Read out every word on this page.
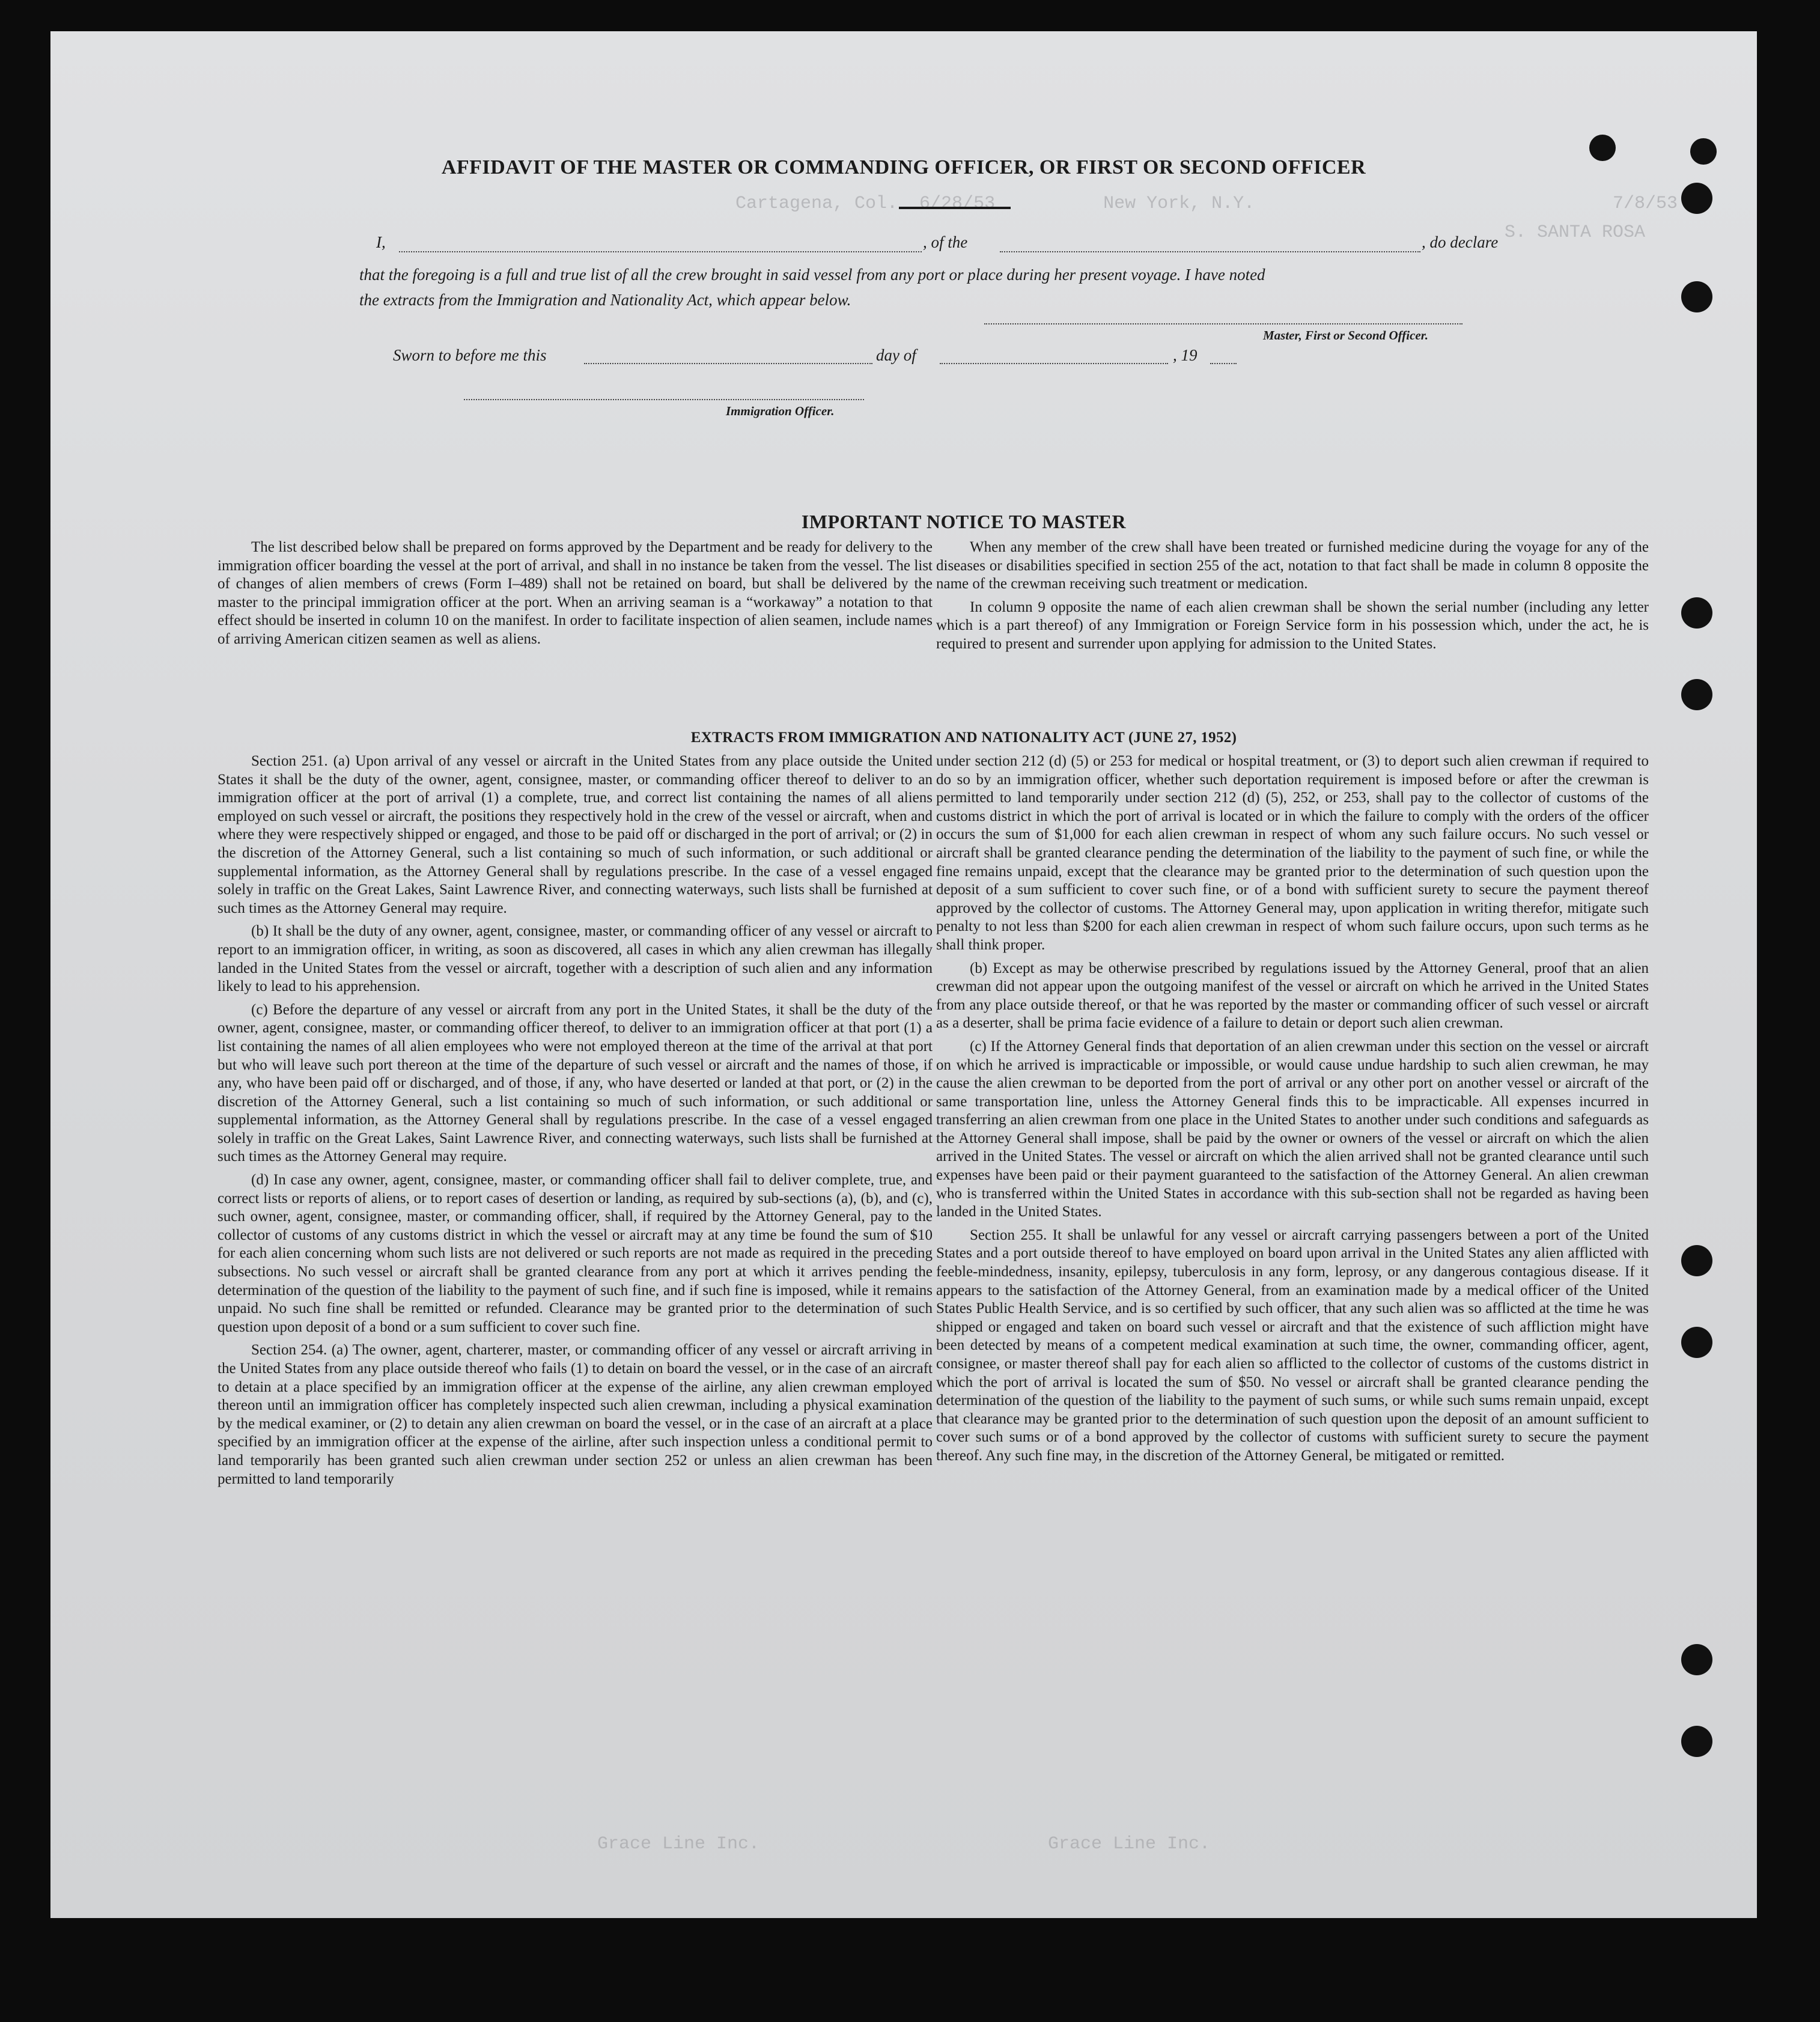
Cartagena, Col.  6/28/53          New York, N.Y.	7/8/53
S. SANTA ROSA
Grace Line Inc.	Grace Line Inc.
AFFIDAVIT OF THE MASTER OR COMMANDING OFFICER, OR FIRST OR SECOND OFFICER
I,	, of the	, do declare
that the foregoing is a full and true list of all the crew brought in said vessel from any port or place during her present voyage. I have noted
the extracts from the Immigration and Nationality Act, which appear below.
Master, First or Second Officer.
Sworn to before me this	day of	, 19
Immigration Officer.
IMPORTANT NOTICE TO MASTER

The list described below shall be prepared on forms approved by the Department and be ready for delivery to the immigration officer boarding the vessel at the port of arrival, and shall in no instance be taken from the vessel. The list of changes of alien members of crews (Form I–489) shall not be retained on board, but shall be delivered by the master to the principal immigration officer at the port. When an arriving seaman is a “workaway” a notation to that effect should be inserted in column 10 on the manifest. In order to facilitate inspection of alien seamen, include names of arriving American citizen seamen as well as aliens.

When any member of the crew shall have been treated or furnished medicine during the voyage for any of the diseases or disabilities specified in section 255 of the act, notation to that fact shall be made in column 8 opposite the name of the crewman receiving such treatment or medication.

In column 9 opposite the name of each alien crewman shall be shown the serial number (including any letter which is a part thereof) of any Immigration or Foreign Service form in his possession which, under the act, he is required to present and surrender upon applying for admission to the United States.

EXTRACTS FROM IMMIGRATION AND NATIONALITY ACT (JUNE 27, 1952)

Section 251. (a) Upon arrival of any vessel or aircraft in the United States from any place outside the United States it shall be the duty of the owner, agent, consignee, master, or commanding officer thereof to deliver to an immigration officer at the port of arrival (1) a complete, true, and correct list containing the names of all aliens employed on such vessel or aircraft, the positions they respectively hold in the crew of the vessel or aircraft, when and where they were respectively shipped or engaged, and those to be paid off or discharged in the port of arrival; or (2) in the discretion of the Attorney General, such a list containing so much of such information, or such additional or supplemental information, as the Attorney General shall by regulations prescribe. In the case of a vessel engaged solely in traffic on the Great Lakes, Saint Lawrence River, and connecting waterways, such lists shall be furnished at such times as the Attorney General may require.

(b) It shall be the duty of any owner, agent, consignee, master, or commanding officer of any vessel or aircraft to report to an immigration officer, in writing, as soon as discovered, all cases in which any alien crewman has illegally landed in the United States from the vessel or aircraft, together with a description of such alien and any information likely to lead to his apprehension.

(c) Before the departure of any vessel or aircraft from any port in the United States, it shall be the duty of the owner, agent, consignee, master, or commanding officer thereof, to deliver to an immigration officer at that port (1) a list containing the names of all alien employees who were not employed thereon at the time of the arrival at that port but who will leave such port thereon at the time of the departure of such vessel or aircraft and the names of those, if any, who have been paid off or discharged, and of those, if any, who have deserted or landed at that port, or (2) in the discretion of the Attorney General, such a list containing so much of such information, or such additional or supplemental information, as the Attorney General shall by regulations prescribe. In the case of a vessel engaged solely in traffic on the Great Lakes, Saint Lawrence River, and connecting waterways, such lists shall be furnished at such times as the Attorney General may require.

(d) In case any owner, agent, consignee, master, or commanding officer shall fail to deliver complete, true, and correct lists or reports of aliens, or to report cases of desertion or landing, as required by sub-sections (a), (b), and (c), such owner, agent, consignee, master, or commanding officer, shall, if required by the Attorney General, pay to the collector of customs of any customs district in which the vessel or aircraft may at any time be found the sum of $10 for each alien concerning whom such lists are not delivered or such reports are not made as required in the preceding subsections. No such vessel or aircraft shall be granted clearance from any port at which it arrives pending the determination of the question of the liability to the payment of such fine, and if such fine is imposed, while it remains unpaid. No such fine shall be remitted or refunded. Clearance may be granted prior to the determination of such question upon deposit of a bond or a sum sufficient to cover such fine.

Section 254. (a) The owner, agent, charterer, master, or commanding officer of any vessel or aircraft arriving in the United States from any place outside thereof who fails (1) to detain on board the vessel, or in the case of an aircraft to detain at a place specified by an immigration officer at the expense of the airline, any alien crewman employed thereon until an immigration officer has completely inspected such alien crewman, including a physical examination by the medical examiner, or (2) to detain any alien crewman on board the vessel, or in the case of an aircraft at a place specified by an immigration officer at the expense of the airline, after such inspection unless a conditional permit to land temporarily has been granted such alien crewman under section 252 or unless an alien crewman has been permitted to land temporarily

under section 212 (d) (5) or 253 for medical or hospital treatment, or (3) to deport such alien crewman if required to do so by an immigration officer, whether such deportation requirement is imposed before or after the crewman is permitted to land temporarily under section 212 (d) (5), 252, or 253, shall pay to the collector of customs of the customs district in which the port of arrival is located or in which the failure to comply with the orders of the officer occurs the sum of $1,000 for each alien crewman in respect of whom any such failure occurs. No such vessel or aircraft shall be granted clearance pending the determination of the liability to the payment of such fine, or while the fine remains unpaid, except that the clearance may be granted prior to the determination of such question upon the deposit of a sum sufficient to cover such fine, or of a bond with sufficient surety to secure the payment thereof approved by the collector of customs. The Attorney General may, upon application in writing therefor, mitigate such penalty to not less than $200 for each alien crewman in respect of whom such failure occurs, upon such terms as he shall think proper.

(b) Except as may be otherwise prescribed by regulations issued by the Attorney General, proof that an alien crewman did not appear upon the outgoing manifest of the vessel or aircraft on which he arrived in the United States from any place outside thereof, or that he was reported by the master or commanding officer of such vessel or aircraft as a deserter, shall be prima facie evidence of a failure to detain or deport such alien crewman.

(c) If the Attorney General finds that deportation of an alien crewman under this section on the vessel or aircraft on which he arrived is impracticable or impossible, or would cause undue hardship to such alien crewman, he may cause the alien crewman to be deported from the port of arrival or any other port on another vessel or aircraft of the same transportation line, unless the Attorney General finds this to be impracticable. All expenses incurred in transferring an alien crewman from one place in the United States to another under such conditions and safeguards as the Attorney General shall impose, shall be paid by the owner or owners of the vessel or aircraft on which the alien arrived in the United States. The vessel or aircraft on which the alien arrived shall not be granted clearance until such expenses have been paid or their payment guaranteed to the satisfaction of the Attorney General. An alien crewman who is transferred within the United States in accordance with this sub-section shall not be regarded as having been landed in the United States.

Section 255. It shall be unlawful for any vessel or aircraft carrying passengers between a port of the United States and a port outside thereof to have employed on board upon arrival in the United States any alien afflicted with feeble-mindedness, insanity, epilepsy, tuberculosis in any form, leprosy, or any dangerous contagious disease. If it appears to the satisfaction of the Attorney General, from an examination made by a medical officer of the United States Public Health Service, and is so certified by such officer, that any such alien was so afflicted at the time he was shipped or engaged and taken on board such vessel or aircraft and that the existence of such affliction might have been detected by means of a competent medical examination at such time, the owner, commanding officer, agent, consignee, or master thereof shall pay for each alien so afflicted to the collector of customs of the customs district in which the port of arrival is located the sum of $50. No vessel or aircraft shall be granted clearance pending the determination of the question of the liability to the payment of such sums, or while such sums remain unpaid, except that clearance may be granted prior to the determination of such question upon the deposit of an amount sufficient to cover such sums or of a bond approved by the collector of customs with sufficient surety to secure the payment thereof. Any such fine may, in the discretion of the Attorney General, be mitigated or remitted.
